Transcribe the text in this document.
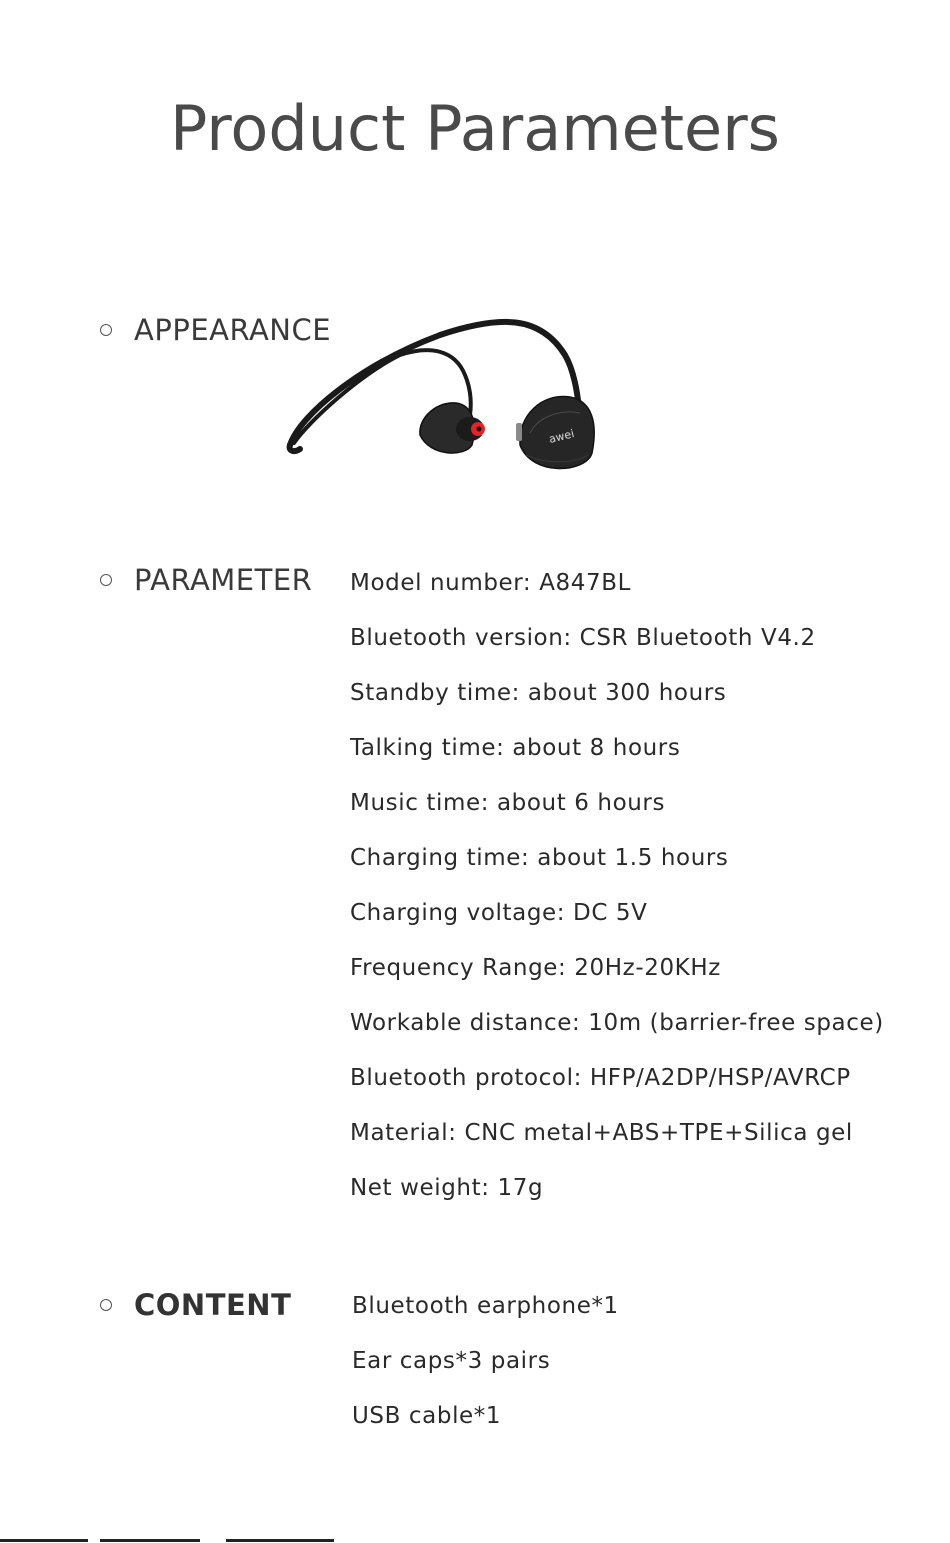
Product Parameters
APPEARANCE
awei
PARAMETER Model number: A847BL
Bluetooth version: CSR Bluetooth V4.2
Standby time: about 300 hours
Talking time: about 8 hours
Music time: about 6 hours
Charging time: about 1.5 hours
Charging voltage: DC 5V
Frequency Range: 20Hz-20KHz
Workable distance: 10m (barrier-free space)
Bluetooth protocol: HFP/A2DP/HSP/AVRCP
Material: CNC metal+ABS+TPE+Silica gel
Net weight: 17g
CONTENT	Bluetooth earphone*1
Ear caps*3 pairs
USB cable*1
